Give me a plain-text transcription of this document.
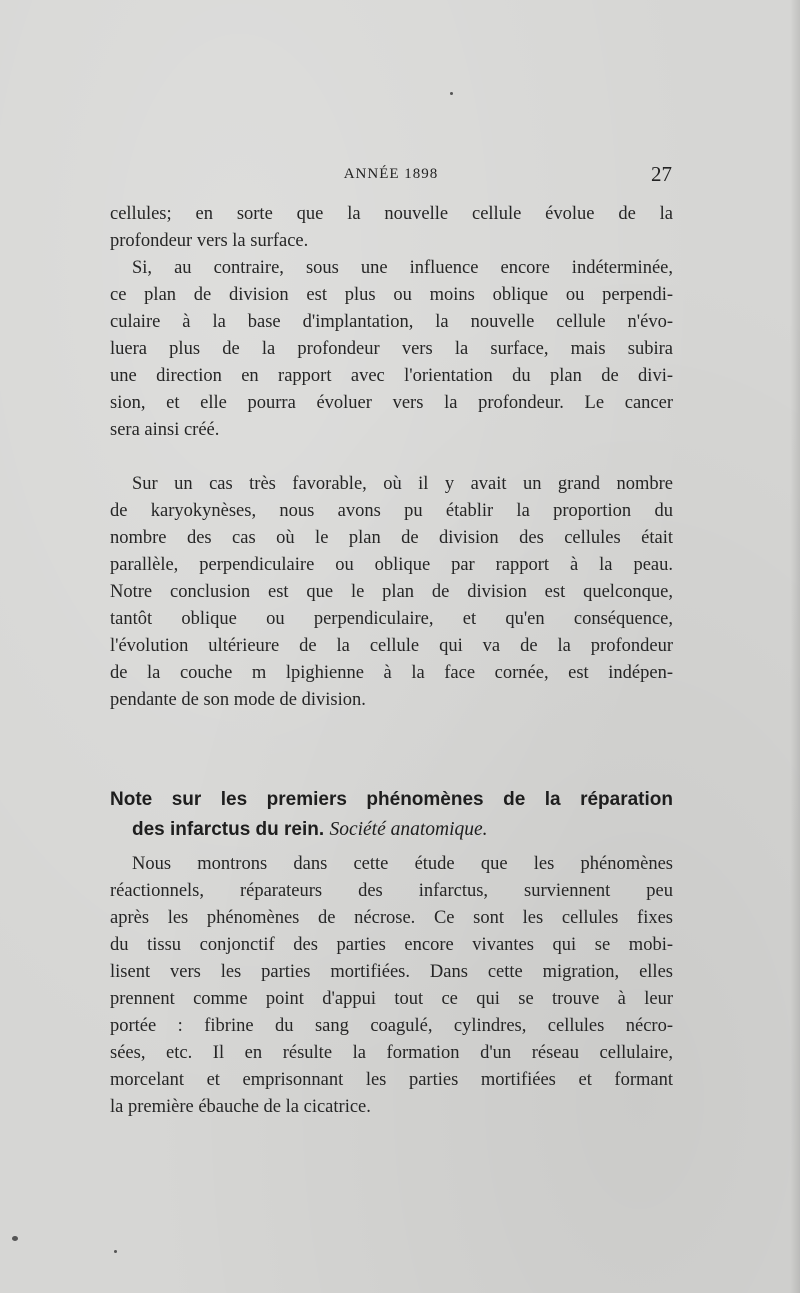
ANNÉE 1898	27
cellules; en sorte que la nouvelle cellule évolue de la
profondeur vers la surface.
Si, au contraire, sous une influence encore indéterminée,
ce plan de division est plus ou moins oblique ou perpendi-
culaire à la base d'implantation, la nouvelle cellule n'évo-
luera plus de la profondeur vers la surface, mais subira
une direction en rapport avec l'orientation du plan de divi-
sion, et elle pourra évoluer vers la profondeur. Le cancer
sera ainsi créé.
Sur un cas très favorable, où il y avait un grand nombre
de karyokynèses, nous avons pu établir la proportion du
nombre des cas où le plan de division des cellules était
parallèle, perpendiculaire ou oblique par rapport à la peau.
Notre conclusion est que le plan de division est quelconque,
tantôt oblique ou perpendiculaire, et qu'en conséquence,
l'évolution ultérieure de la cellule qui va de la profondeur
de la couche m lpighienne à la face cornée, est indépen-
pendante de son mode de division.
Note sur les premiers phénomènes de la réparation
des infarctus du rein. Société anatomique.
Nous montrons dans cette étude que les phénomènes
réactionnels, réparateurs des infarctus, surviennent peu
après les phénomènes de nécrose. Ce sont les cellules fixes
du tissu conjonctif des parties encore vivantes qui se mobi-
lisent vers les parties mortifiées. Dans cette migration, elles
prennent comme point d'appui tout ce qui se trouve à leur
portée : fibrine du sang coagulé, cylindres, cellules nécro-
sées, etc. Il en résulte la formation d'un réseau cellulaire,
morcelant et emprisonnant les parties mortifiées et formant
la première ébauche de la cicatrice.
